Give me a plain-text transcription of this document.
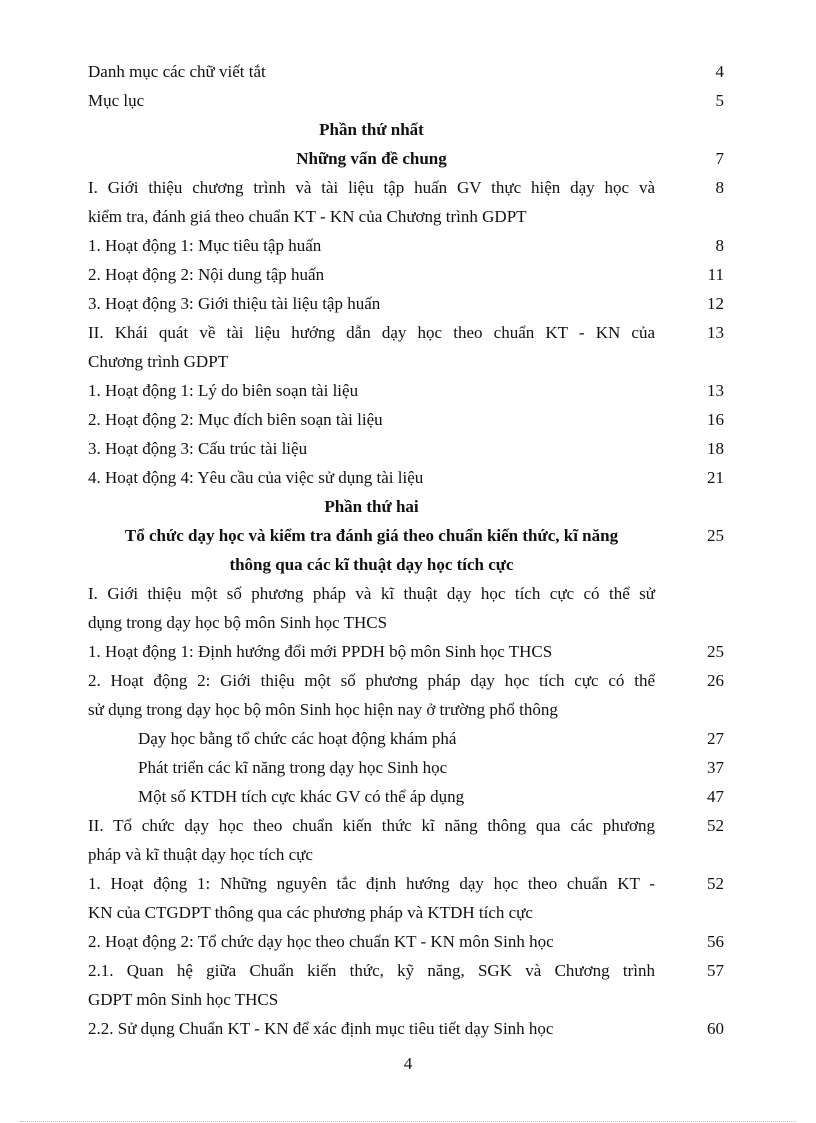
Danh mục các chữ viết tắt	4
Mục lục	5
Phần thứ nhất
Những vấn đề chung	7
I. Giới thiệu chương trình và tài liệu tập huấn GV thực hiện dạy học và	8
kiểm tra, đánh giá theo chuẩn KT - KN của Chương trình GDPT
1. Hoạt động 1: Mục tiêu tập huấn	8
2. Hoạt động 2: Nội dung tập huấn	11
3. Hoạt động 3: Giới thiệu tài liệu tập huấn	12
II. Khái quát về tài liệu hướng dẫn dạy học theo chuẩn KT - KN của	13
Chương trình GDPT
1. Hoạt động 1: Lý do biên soạn tài liệu	13
2. Hoạt động 2: Mục đích biên soạn tài liệu	16
3. Hoạt động 3: Cấu trúc tài liệu	18
4. Hoạt động 4: Yêu cầu của việc sử dụng tài liệu	21
Phần thứ hai
Tổ chức dạy học và kiểm tra đánh giá theo chuẩn kiến thức, kĩ năng	25
thông qua các kĩ thuật dạy học tích cực
I. Giới thiệu một số phương pháp và kĩ thuật dạy học tích cực có thể sử
dụng trong dạy học bộ môn Sinh học THCS
1. Hoạt động 1: Định hướng đổi mới PPDH bộ môn Sinh học THCS	25
2. Hoạt động 2: Giới thiệu một số phương pháp dạy học tích cực có thể	26
sử dụng trong dạy học bộ môn Sinh học hiện nay ở trường phổ thông
Dạy học bằng tổ chức các hoạt động khám phá	27
Phát triển các kĩ năng trong dạy học Sinh học	37
Một số KTDH tích cực khác GV có thể áp dụng	47
II. Tổ chức dạy học theo chuẩn kiến thức kĩ năng thông qua các phương	52
pháp và kĩ thuật dạy học tích cực
1. Hoạt động 1: Những nguyên tắc định hướng dạy học theo chuẩn KT -	52
KN của CTGDPT thông qua các phương pháp và KTDH tích cực
2. Hoạt động 2: Tổ chức dạy học theo chuẩn KT - KN môn Sinh học	56
2.1. Quan hệ giữa Chuẩn kiến thức, kỹ năng, SGK và Chương trình	57
GDPT môn Sinh học THCS
2.2. Sử dụng Chuẩn KT - KN để xác định mục tiêu tiết dạy Sinh học	60
4
